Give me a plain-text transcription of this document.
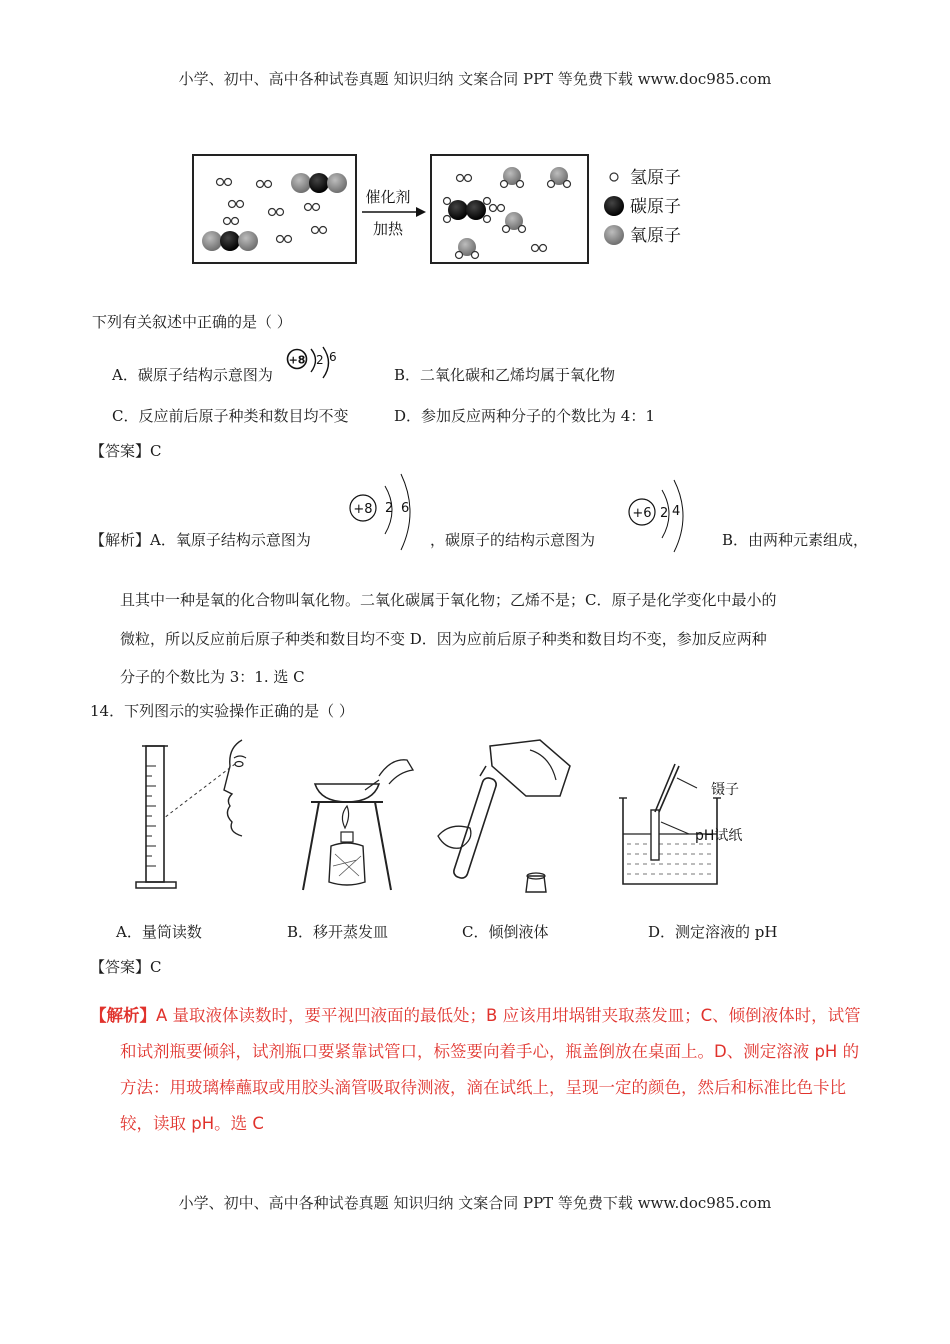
小学、初中、高中各种试卷真题 知识归纳 文案合同 PPT 等免费下载 www.doc985.com
催化剂
加热
氢原子
碳原子
氧原子
下列有关叙述中正确的是（ ）
A．碳原子结构示意图为
+8 2 6
B．二氧化碳和乙烯均属于氧化物
C．反应前后原子种类和数目均不变	D．参加反应两种分子的个数比为 4：1
【答案】C
【解析】A．氧原子结构示意图为
+8 2 6
，碳原子的结构示意图为
+6 2 4
B．由两种元素组成，
且其中一种是氧的化合物叫氧化物。二氧化碳属于氧化物；乙烯不是；C．原子是化学变化中最小的
微粒，所以反应前后原子种类和数目均不变 D．因为应前后原子种类和数目均不变，参加反应两种
分子的个数比为 3：1. 选 C
14．下列图示的实验操作正确的是（ ）
A．量筒读数	B．移开蒸发皿	C．倾倒液体
镊子
pH试纸
D．测定溶液的 pH
【答案】C
【解析】A 量取液体读数时，要平视凹液面的最低处；B 应该用坩埚钳夹取蒸发皿；C、倾倒液体时，试管
和试剂瓶要倾斜，试剂瓶口要紧靠试管口，标签要向着手心，瓶盖倒放在桌面上。D、测定溶液 pH 的
方法：用玻璃棒蘸取或用胶头滴管吸取待测液，滴在试纸上，呈现一定的颜色，然后和标准比色卡比
较，读取 pH。选 C
小学、初中、高中各种试卷真题 知识归纳 文案合同 PPT 等免费下载 www.doc985.com
